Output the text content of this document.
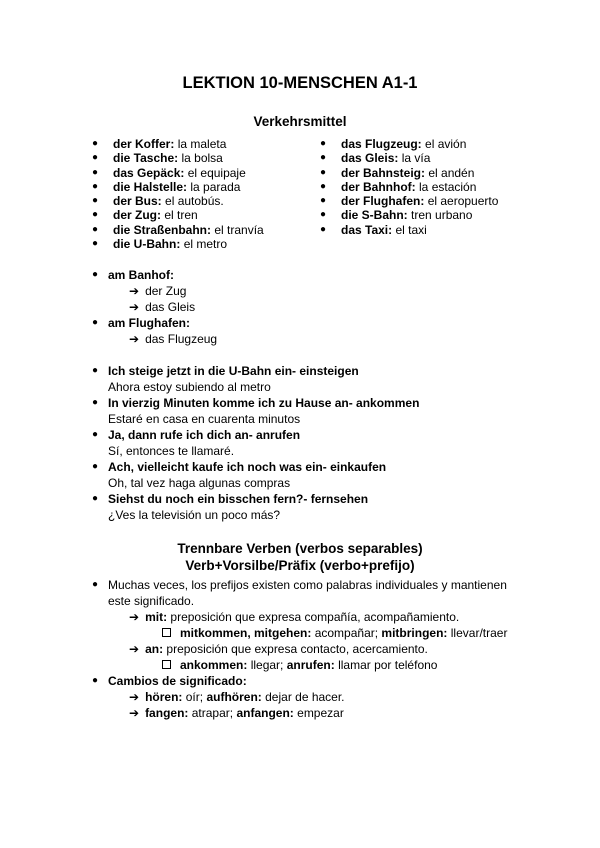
LEKTION 10-MENSCHEN A1-1
Verkehrsmittel
● der Koffer: la maleta
● die Tasche: la bolsa
● das Gepäck: el equipaje
● die Halstelle: la parada
● der Bus: el autobús.
● der Zug: el tren
● die Straßenbahn: el tranvía
● die U-Bahn: el metro
● das Flugzeug: el avión
● das Gleis: la vía
● der Bahnsteig: el andén
● der Bahnhof: la estación
● der Flughafen: el aeropuerto
● die S-Bahn: tren urbano
● das Taxi: el taxi
● am Banhof:
➔ der Zug
➔ das Gleis
● am Flughafen:
➔ das Flugzeug
● Ich steige jetzt in die U-Bahn ein- einsteigen
Ahora estoy subiendo al metro
● In vierzig Minuten komme ich zu Hause an- ankommen
Estaré en casa en cuarenta minutos
● Ja, dann rufe ich dich an- anrufen
Sí, entonces te llamaré.
● Ach, vielleicht kaufe ich noch was ein- einkaufen
Oh, tal vez haga algunas compras
● Siehst du noch ein bisschen fern?- fernsehen
¿Ves la televisión un poco más?
Trennbare Verben (verbos separables)
Verb+Vorsilbe/Präfix (verbo+prefijo)
● Muchas veces, los prefijos existen como palabras individuales y mantienen
este significado.
➔ mit: preposición que expresa compañía, acompañamiento.
mitkommen, mitgehen: acompañar; mitbringen: llevar/traer
➔ an: preposición que expresa contacto, acercamiento.
ankommen: llegar; anrufen: llamar por teléfono
● Cambios de significado:
➔ hören: oír; aufhören: dejar de hacer.
➔ fangen: atrapar; anfangen: empezar
